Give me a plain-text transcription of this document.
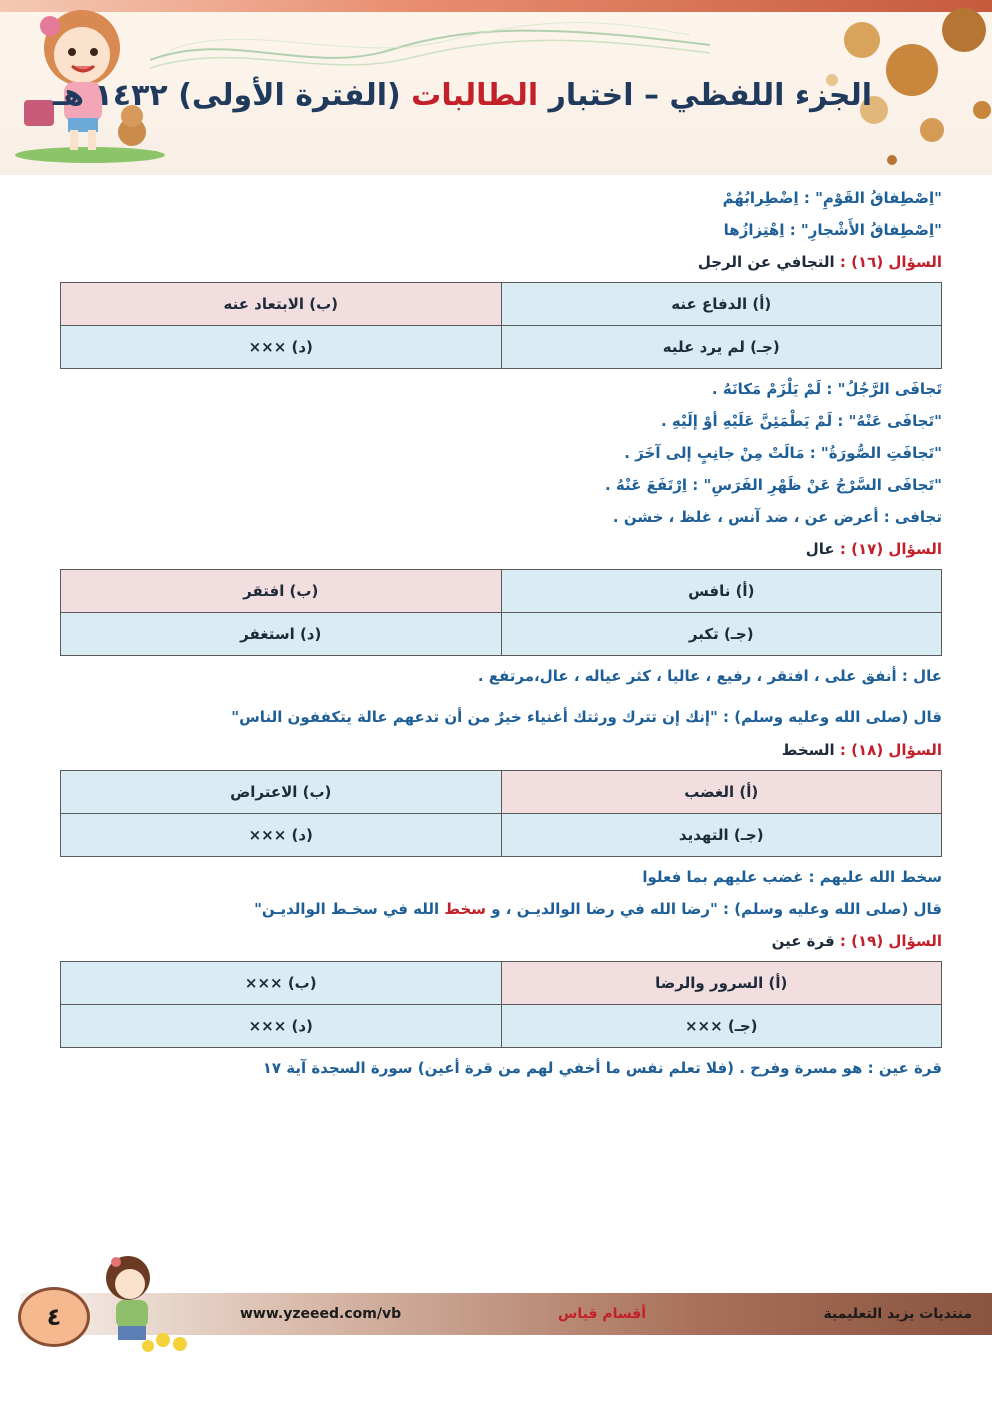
الجزء اللفظي – اختبار الطالبات (الفترة الأولى) ١٤٣٢ هـ
"اِصْطِفاقُ القَوْمِ" : اِضْطِرابُهُمْ
"اِصْطِفاقُ الأَشْجارِ" : اِهْتِزازُها
السؤال (١٦) : التجافي عن الرجل
(أ) الدفاع عنه	(ب) الابتعاد عنه
(جـ) لم يرد عليه	(د) ×××
تَجافَى الرَّجُلُ" : لَمْ يَلْزَمْ مَكانَهُ .
"تَجافَى عَنْهُ" : لَمْ يَطْمَئِنَّ عَلَيْهِ أوْ إلَيْهِ .
"تَجافَتِ الصُّورَةُ" : مَالَتْ مِنْ جانِبٍ إلى آخَرَ .
"تَجافَى السَّرْجُ عَنْ ظَهْرِ الفَرَسِ" : اِرْتَفَعَ عَنْهُ .
تجافى : أعرض عن ، ضد آنس ، غلظ ، خشن .
السؤال (١٧) : عال
(أ) نافس	(ب) افتقر
(جـ) تكبر	(د) استغفر
عال : أنفق على ، افتقر ، رفيع ، عاليا ، كثر عياله ، عال،مرتفع .
قال (صلى الله وعليه وسلم) : "إنك إن تترك ورثتك أغنياء خيرٌ من أن تدعهم عالة يتكففون الناس"
السؤال (١٨) : السخط
(أ) الغضب	(ب) الاعتراض
(جـ) التهديد	(د) ×××
سخط الله عليهم : غضب عليهم بما فعلوا
قال (صلى الله وعليه وسلم) : "رضا الله في رضا الوالديـن ، و سخط الله في سخـط الوالديـن"
السؤال (١٩) : قرة عين
(أ) السرور والرضا	(ب) ×××
(جـ) ×××	(د) ×××
قرة عين : هو مسرة وفرح . (فلا تعلم نفس ما أخفي لهم من قرة أعين) سورة السجدة آية ١٧
٤	www.yzeeed.com/vb	أقسام قياس	منتديات يزيد التعليمية
